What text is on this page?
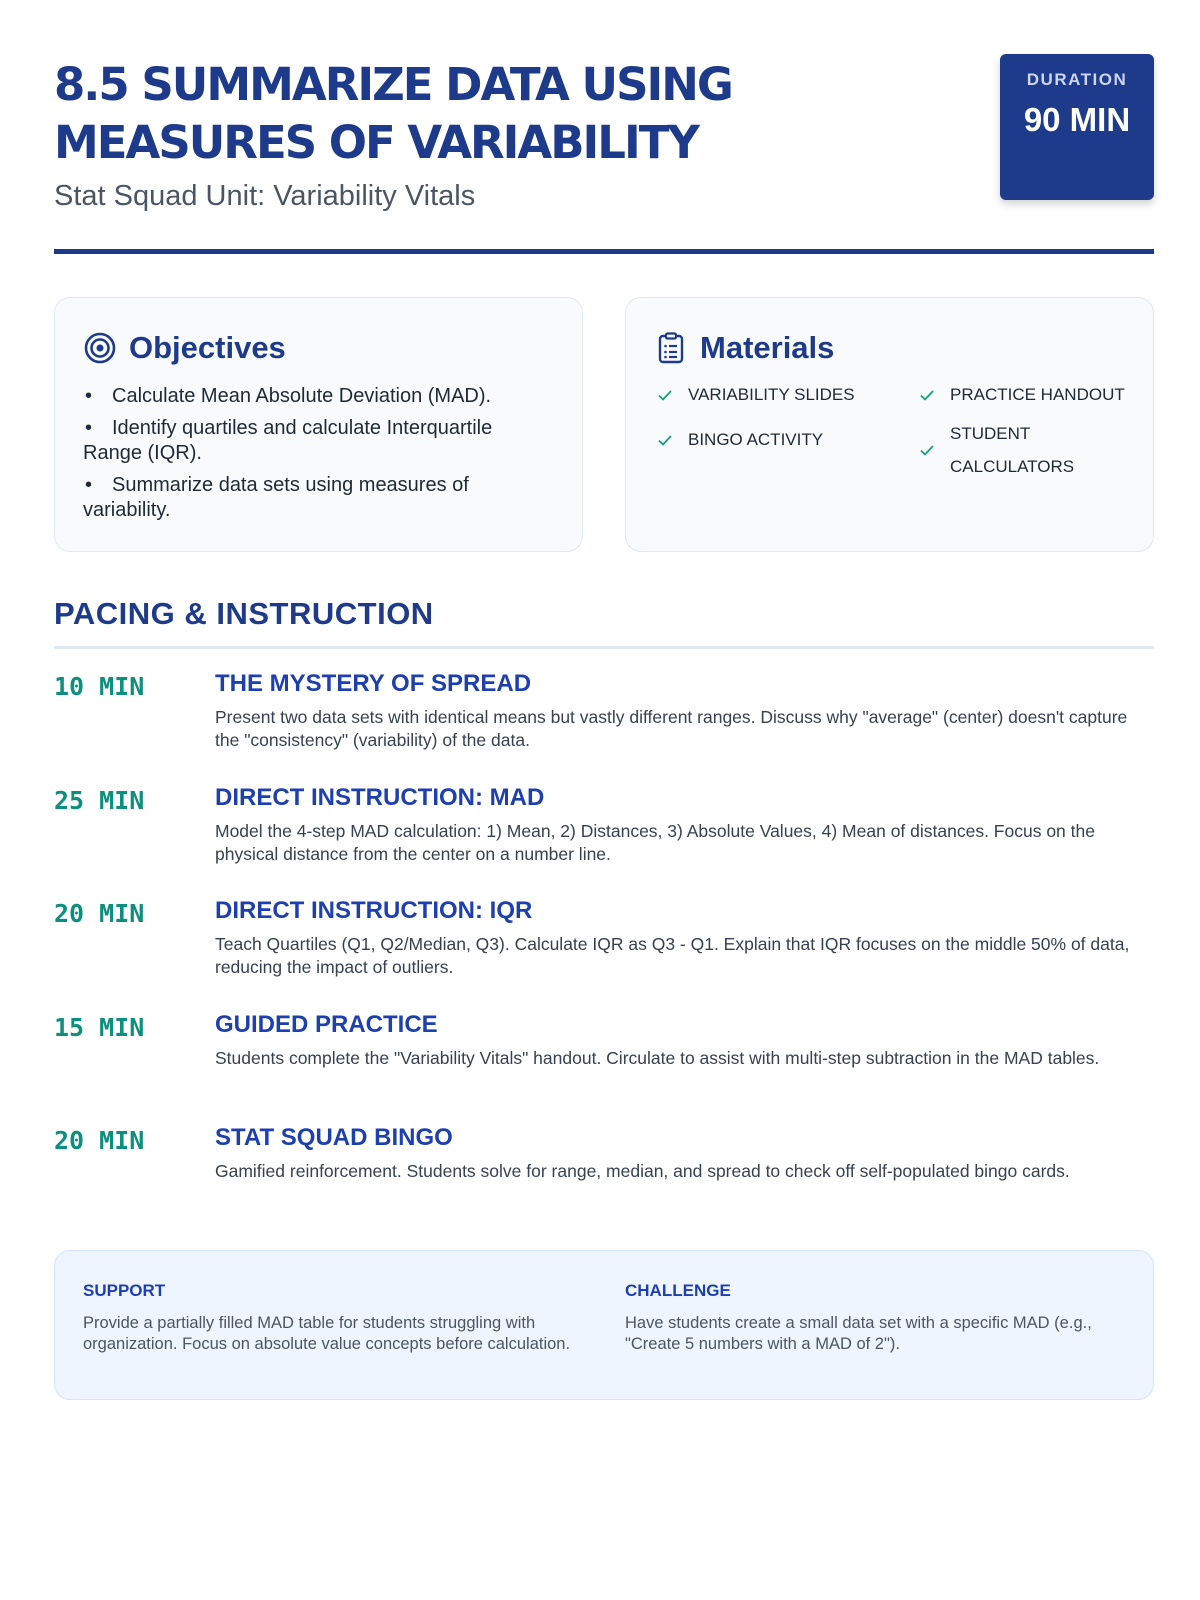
8.5 SUMMARIZE DATA USING MEASURES OF VARIABILITY
Stat Squad Unit: Variability Vitals
DURATION
90 MIN
Objectives
• Calculate Mean Absolute Deviation (MAD).
• Identify quartiles and calculate Interquartile Range (IQR).
• Summarize data sets using measures of variability.
Materials
VARIABILITY SLIDES	PRACTICE HANDOUT
BINGO ACTIVITY	STUDENT CALCULATORS
PACING & INSTRUCTION
10 MIN	THE MYSTERY OF SPREAD

Present two data sets with identical means but vastly different ranges. Discuss why "average" (center) doesn't capture the "consistency" (variability) of the data.

25 MIN	DIRECT INSTRUCTION: MAD

Model the 4-step MAD calculation: 1) Mean, 2) Distances, 3) Absolute Values, 4) Mean of distances. Focus on the physical distance from the center on a number line.

20 MIN	DIRECT INSTRUCTION: IQR

Teach Quartiles (Q1, Q2/Median, Q3). Calculate IQR as Q3 - Q1. Explain that IQR focuses on the middle 50% of data, reducing the impact of outliers.

15 MIN	GUIDED PRACTICE

Students complete the "Variability Vitals" handout. Circulate to assist with multi-step subtraction in the MAD tables.

20 MIN	STAT SQUAD BINGO

Gamified reinforcement. Students solve for range, median, and spread to check off self-populated bingo cards.

SUPPORT

Provide a partially filled MAD table for students struggling with organization. Focus on absolute value concepts before calculation.

CHALLENGE

Have students create a small data set with a specific MAD (e.g., "Create 5 numbers with a MAD of 2").
